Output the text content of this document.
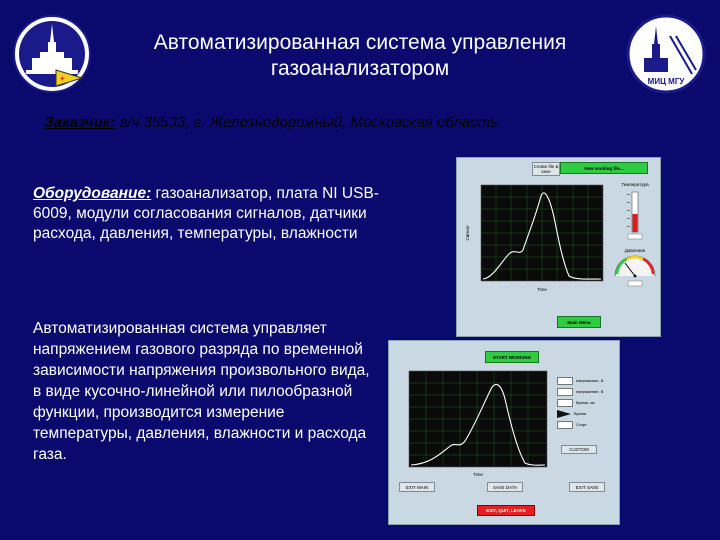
+	МИЦ МГУ
Автоматизированная система управления
газоанализатором
Заказчик: в/ч 35533, г. Железнодорожный, Московская область
Оборудование: газоанализатор, плата NI USB-6009, модули согласования сигналов, датчики расхода, давления, температуры, влажности
Автоматизированная система управляет напряжением газового разряда по временной зависимости напряжения произвольного вида, в виде кусочно-линейной или пилообразной функции, производится измерение температуры, давления, влажности и расхода газа.
Create file & save
New working file...
Time
Сигнал
Температура
Давление
Main Menu
START WORKING
Time
напряжение, В
напряжение, В
Время, мс
Время
Старт
CUSTOM
EXIT MAIN	SAVE DATA	EXIT SAVE
EXIT, QUIT, LEAVE
